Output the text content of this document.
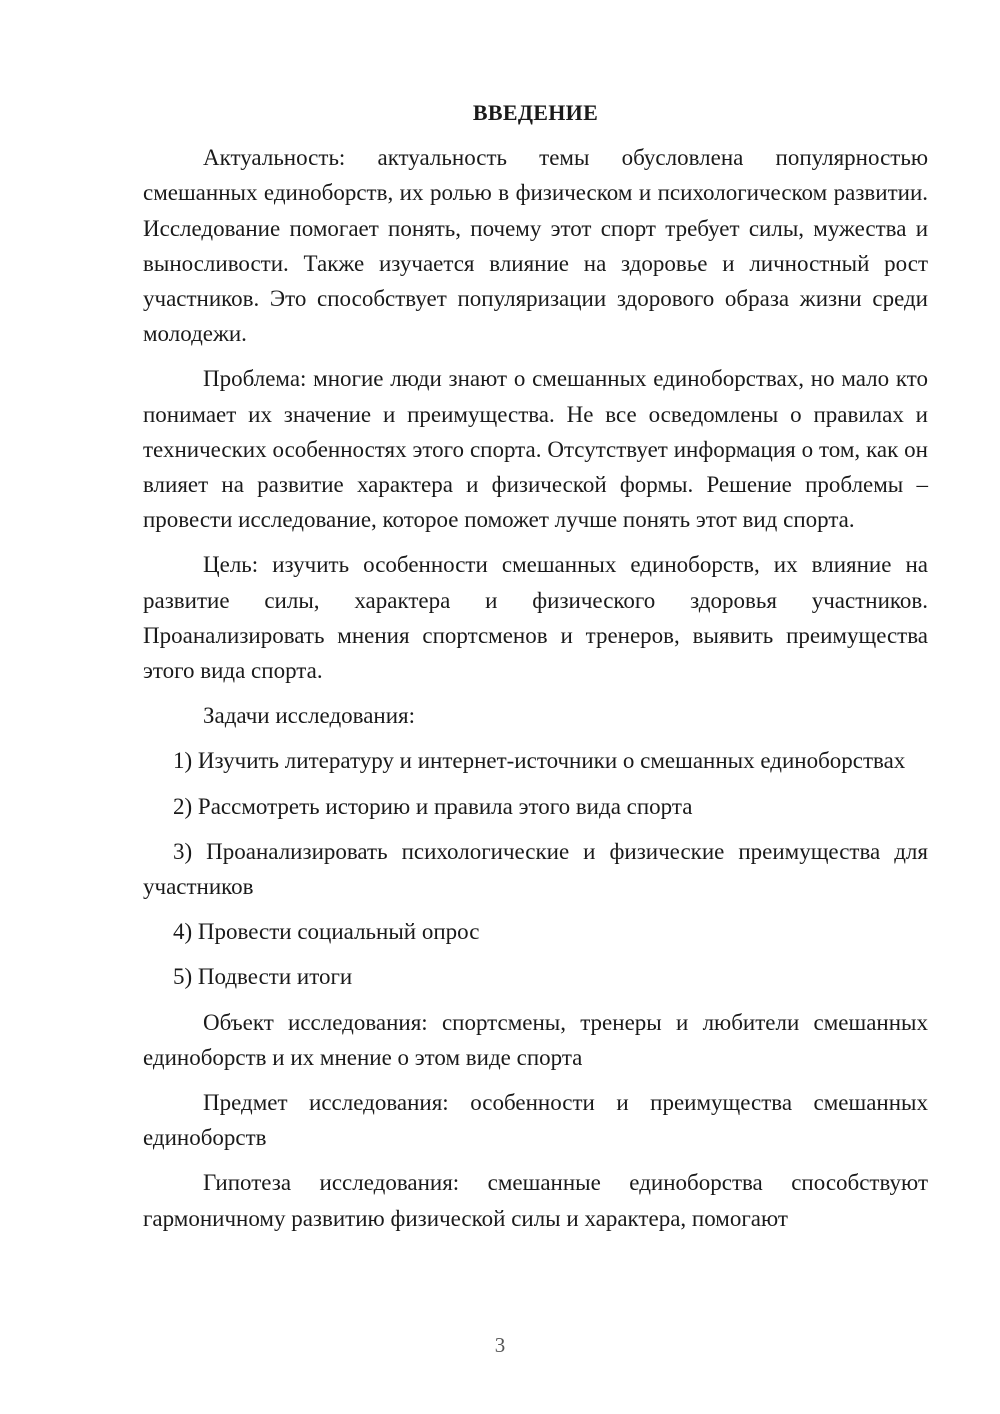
ВВЕДЕНИЕ

Актуальность: актуальность темы обусловлена популярностью смешанных единоборств, их ролью в физическом и психологическом развитии. Исследование помогает понять, почему этот спорт требует силы, мужества и выносливости. Также изучается влияние на здоровье и личностный рост участников. Это способствует популяризации здорового образа жизни среди молодежи.

Проблема: многие люди знают о смешанных единоборствах, но мало кто понимает их значение и преимущества. Не все осведомлены о правилах и технических особенностях этого спорта. Отсутствует информация о том, как он влияет на развитие характера и физической формы. Решение проблемы – провести исследование, которое поможет лучше понять этот вид спорта.

Цель: изучить особенности смешанных единоборств, их влияние на развитие силы, характера и физического здоровья участников. Проанализировать мнения спортсменов и тренеров, выявить преимущества этого вида спорта.

Задачи исследования:

1) Изучить литературу и интернет-источники о смешанных единоборствах

2) Рассмотреть историю и правила этого вида спорта

3) Проанализировать психологические и физические преимущества для участников

4) Провести социальный опрос

5) Подвести итоги

Объект исследования: спортсмены, тренеры и любители смешанных единоборств и их мнение о этом виде спорта

Предмет исследования: особенности и преимущества смешанных единоборств

Гипотеза исследования: смешанные единоборства способствуют гармоничному развитию физической силы и характера, помогают

3
